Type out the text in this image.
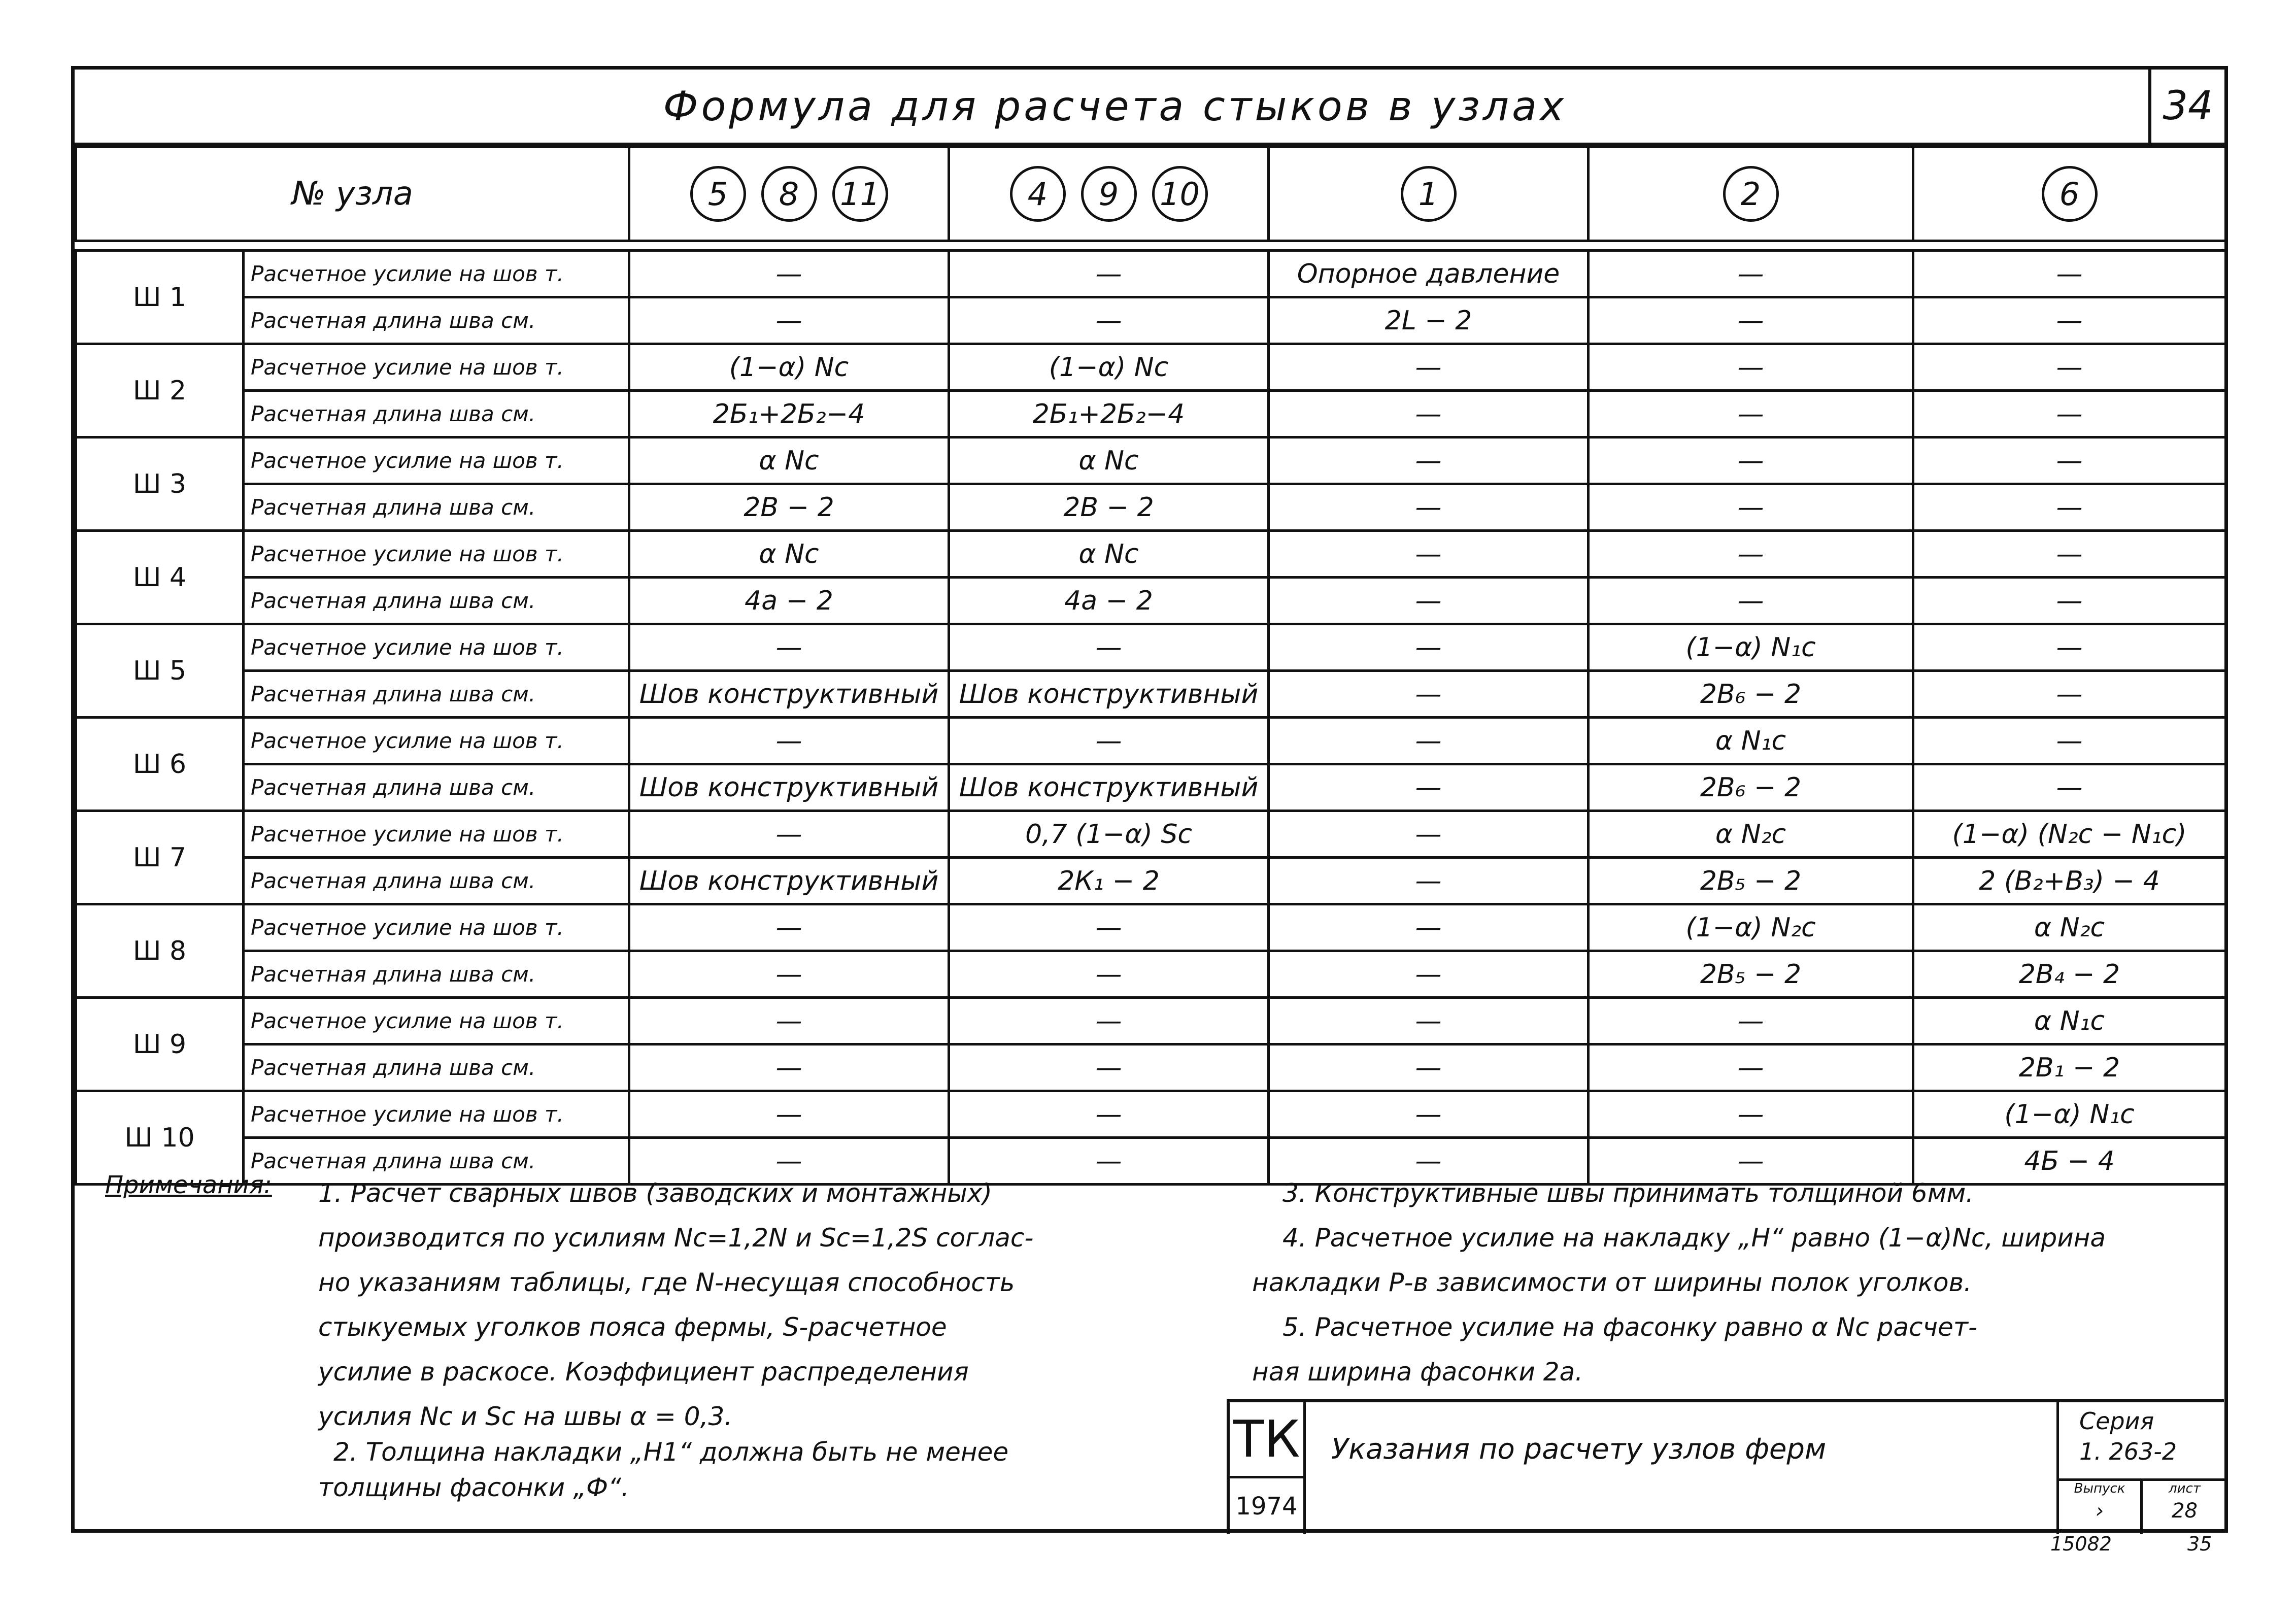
Формула для расчета стыков в узлах	34
№ узла		5 8 11	4 9 10	1	2	6

Ш 1	Расчетное усилие на шов т.	—	—	Опорное давление	—	—
	Расчетная длина шва см.	—	—	2L − 2	—	—
Ш 2	Расчетное усилие на шов т.	(1−α) Nс	(1−α) Nс	—	—	—
	Расчетная длина шва см.	2Б₁+2Б₂−4	2Б₁+2Б₂−4	—	—	—
Ш 3	Расчетное усилие на шов т.	α Nс	α Nс	—	—	—
	Расчетная длина шва см.	2В − 2	2В − 2	—	—	—
Ш 4	Расчетное усилие на шов т.	α Nс	α Nс	—	—	—
	Расчетная длина шва см.	4а − 2	4а − 2	—	—	—
Ш 5	Расчетное усилие на шов т.	—	—	—	(1−α) N₁с	—
	Расчетная длина шва см.	Шов конструктивный	Шов конструктивный	—	2В₆ − 2	—
Ш 6	Расчетное усилие на шов т.	—	—	—	α N₁с	—
	Расчетная длина шва см.	Шов конструктивный	Шов конструктивный	—	2В₆ − 2	—
Ш 7	Расчетное усилие на шов т.	—	0,7 (1−α) Sс	—	α N₂с	(1−α) (N₂с − N₁с)
	Расчетная длина шва см.	Шов конструктивный	2К₁ − 2	—	2В₅ − 2	2 (В₂+В₃) − 4
Ш 8	Расчетное усилие на шов т.	—	—	—	(1−α) N₂с	α N₂с
	Расчетная длина шва см.	—	—	—	2В₅ − 2	2В₄ − 2
Ш 9	Расчетное усилие на шов т.	—	—	—	—	α N₁с
	Расчетная длина шва см.	—	—	—	—	2В₁ − 2
Ш 10	Расчетное усилие на шов т.	—	—	—	—	(1−α) N₁с
	Расчетная длина шва см.	—	—	—	—	4Б − 4
Примечания: 1. Расчет сварных швов (заводских и монтажных)
производится по усилиям Nс=1,2N и Sс=1,2S соглас-
но указаниям таблицы, где N-несущая способность
стыкуемых уголков пояса фермы, S-расчетное
усилие в раскосе. Коэффициент распределения
усилия Nс и Sс на швы α = 0,3.
2. Толщина накладки „Н1“ должна быть не менее
толщины фасонки „Ф“.
3. Конструктивные швы принимать толщиной 6мм.
4. Расчетное усилие на накладку „Н“ равно (1−α)Nс, ширина
накладки Р-в зависимости от ширины полок уголков.
5. Расчетное усилие на фасонку равно α Nс расчет-
ная ширина фасонки 2а.
ТК
1974
Указания по расчету узлов ферм
Серия
1. 263-2
Выпуск
›
лист
28
15082	35
